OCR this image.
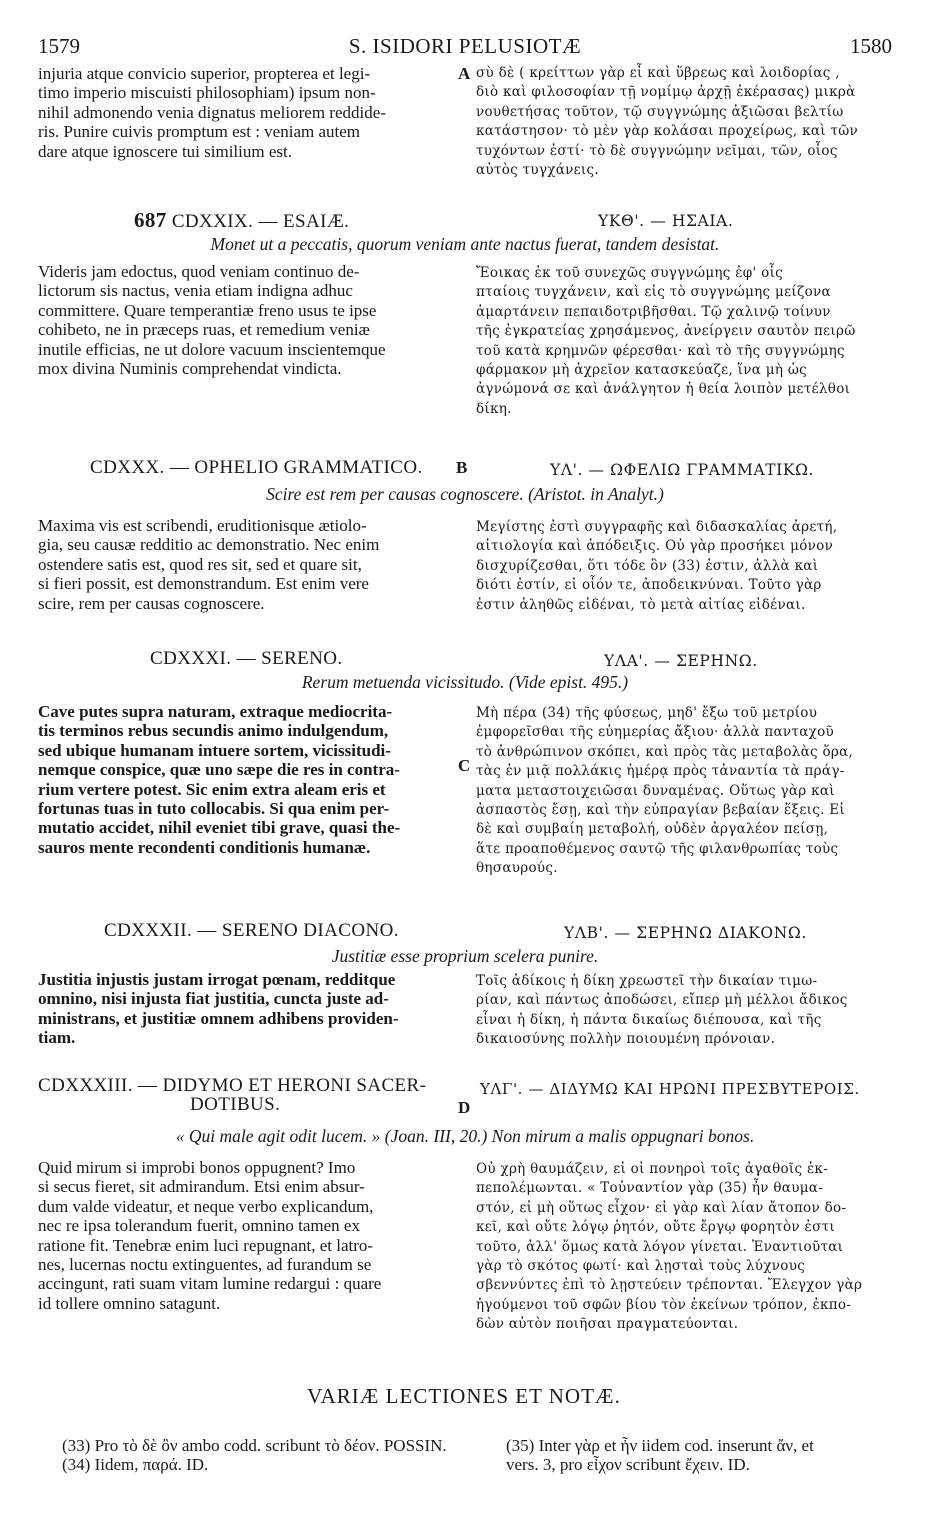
1579	S. ISIDORI PELUSIOTÆ	1580
injuria atque convicio superior, propterea et legi-
timo imperio miscuisti philosophiam) ipsum non-
nihil admonendo venia dignatus meliorem reddide-
ris. Punire cuivis promptum est : veniam autem
dare atque ignoscere tui similium est.
A σὺ δὲ ( κρείττων γὰρ εἶ καὶ ὕβρεως καὶ λοιδορίας ,
διὸ καὶ φιλοσοφίαν τῇ νομίμῳ ἀρχῇ ἐκέρασας) μικρὰ
νουθετήσας τοῦτον, τῷ συγγνώμης ἀξιῶσαι βελτίω
κατάστησον· τὸ μὲν γὰρ κολάσαι προχείρως, καὶ τῶν
τυχόντων ἐστί· τὸ δὲ συγγνώμην νεῖμαι, τῶν, οἷος
αὐτὸς τυγχάνεις.
687 CDXXIX. — ESAIÆ.	ΥΚΘ'. — ΗΣΑΙΑ.
Monet ut a peccatis, quorum veniam ante nactus fuerat, tandem desistat.
Videris jam edoctus, quod veniam continuo de-
lictorum sis nactus, venia etiam indigna adhuc
committere. Quare temperantiæ freno usus te ipse
cohibeto, ne in præceps ruas, et remedium veniæ
inutile efficias, ne ut dolore vacuum inscientemque
mox divina Numinis comprehendat vindicta.
Ἔοικας ἐκ τοῦ συνεχῶς συγγνώμης ἐφ' οἷς
πταίοις τυγχάνειν, καὶ εἰς τὸ συγγνώμης μείζονα
ἁμαρτάνειν πεπαιδοτριβῆσθαι. Τῷ χαλινῷ τοίνυν
τῆς ἐγκρατείας χρησάμενος, ἀνείργειν σαυτὸν πειρῶ
τοῦ κατὰ κρημνῶν φέρεσθαι· καὶ τὸ τῆς συγγνώμης
φάρμακον μὴ ἀχρεῖον κατασκεύαζε, ἵνα μὴ ὡς
ἀγνώμονά σε καὶ ἀνάλγητον ἡ θεία λοιπὸν μετέλθοι
δίκη.
CDXXX. — OPHELIO GRAMMATICO. B	ΥΛ'. — ΩΦΕΛΙΩ ΓΡΑΜΜΑΤΙΚΩ.
Scire est rem per causas cognoscere. (Aristot. in Analyt.)
Maxima vis est scribendi, eruditionisque ætiolo-
gia, seu causæ redditio ac demonstratio. Nec enim
ostendere satis est, quod res sit, sed et quare sit,
si fieri possit, est demonstrandum. Est enim vere
scire, rem per causas cognoscere.
Μεγίστης ἐστὶ συγγραφῆς καὶ διδασκαλίας ἀρετή,
αἰτιολογία καὶ ἀπόδειξις. Οὐ γὰρ προσήκει μόνον
δισχυρίζεσθαι, ὅτι τόδε ὂν (33) ἐστιν, ἀλλὰ καὶ
διότι ἐστίν, εἰ οἷόν τε, ἀποδεικνύναι. Τοῦτο γὰρ
ἐστιν ἀληθῶς εἰδέναι, τὸ μετὰ αἰτίας εἰδέναι.
CDXXXI. — SERENO.	ΥΛΑ'. — ΣΕΡΗΝΩ.
Rerum metuenda vicissitudo. (Vide epist. 495.)
Cave putes supra naturam, extraque mediocrita-
tis terminos rebus secundis animo indulgendum,
sed ubique humanam intuere sortem, vicissitudi-
nemque conspice, quæ uno sæpe die res in contra-
rium vertere potest. Sic enim extra aleam eris et
fortunas tuas in tuto collocabis. Si qua enim per-
mutatio accidet, nihil eveniet tibi grave, quasi the-
sauros mente recondenti conditionis humanæ.
C
Μὴ πέρα (34) τῆς φύσεως, μηδ' ἔξω τοῦ μετρίου
ἐμφορεῖσθαι τῆς εὐημερίας ἄξιου· ἀλλὰ πανταχοῦ
τὸ ἀνθρώπινον σκόπει, καὶ πρὸς τὰς μεταβολὰς ὅρα,
τὰς ἐν μιᾷ πολλάκις ἡμέρᾳ πρὸς τἀναντία τὰ πράγ-
ματα μεταστοιχειῶσαι δυναμένας. Οὕτως γὰρ καὶ
ἀσπαστὸς ἔσῃ, καὶ τὴν εὐπραγίαν βεβαίαν ἕξεις. Εἰ
δὲ καὶ συμβαίη μεταβολή, οὐδὲν ἀργαλέον πείσῃ,
ἅτε προαποθέμενος σαυτῷ τῆς φιλανθρωπίας τοὺς
θησαυρούς.
CDXXXII. — SERENO DIACONO.	ΥΛΒ'. — ΣΕΡΗΝΩ ΔΙΑΚΟΝΩ.
Justitiæ esse proprium scelera punire.
Justitia injustis justam irrogat pœnam, redditque
omnino, nisi injusta fiat justitia, cuncta juste ad-
ministrans, et justitiæ omnem adhibens providen-
tiam.
Τοῖς ἀδίκοις ἡ δίκη χρεωστεῖ τὴν δικαίαν τιμω-
ρίαν, καὶ πάντως ἀποδώσει, εἴπερ μὴ μέλλοι ἄδικος
εἶναι ἡ δίκη, ἡ πάντα δικαίως διέπουσα, καὶ τῆς
δικαιοσύνης πολλὴν ποιουμένη πρόνοιαν.
CDXXXIII. — DIDYMO ET HERONI SACER-
DOTIBUS.	D
ΥΛΓ'. — ΔΙΔΥΜΩ ΚΑΙ ΗΡΩΝΙ ΠΡΕΣΒΥΤΕΡΟΙΣ.
« Qui male agit odit lucem. » (Joan. III, 20.) Non mirum a malis oppugnari bonos.
Quid mirum si improbi bonos oppugnent? Imo
si secus fieret, sit admirandum. Etsi enim absur-
dum valde videatur, et neque verbo explicandum,
nec re ipsa tolerandum fuerit, omnino tamen ex
ratione fit. Tenebræ enim luci repugnant, et latro-
nes, lucernas noctu extinguentes, ad furandum se
accingunt, rati suam vitam lumine redargui : quare
id tollere omnino satagunt.
Οὐ χρὴ θαυμάζειν, εἰ οἱ πονηροὶ τοῖς ἀγαθοῖς ἐκ-
πεπολέμωνται. « Τοὐναντίον γὰρ (35) ἦν θαυμα-
στόν, εἰ μὴ οὕτως εἶχον· εἰ γὰρ καὶ λίαν ἄτοπον δο-
κεῖ, καὶ οὔτε λόγῳ ῥητόν, οὔτε ἔργῳ φορητὸν ἐστι
τοῦτο, ἀλλ' ὅμως κατὰ λόγον γίνεται. Ἐναντιοῦται
γὰρ τὸ σκότος φωτί· καὶ λῃσταὶ τοὺς λύχνους
σβεννύντες ἐπὶ τὸ λῃστεύειν τρέπονται. Ἔλεγχον γὰρ
ἡγούμενοι τοῦ σφῶν βίου τὸν ἐκείνων τρόπον, ἐκπο-
δὼν αὐτὸν ποιῆσαι πραγματεύονται.
VARIÆ LECTIONES ET NOTÆ.
(33) Pro τὸ δὲ ὂν ambo codd. scribunt τὸ δέον. POSSIN.
(34) Iidem, παρά. ID.
(35) Inter γὰρ et ἦν iidem cod. inserunt ἄν, et
vers. 3, pro εἶχον scribunt ἔχειν. ID.
